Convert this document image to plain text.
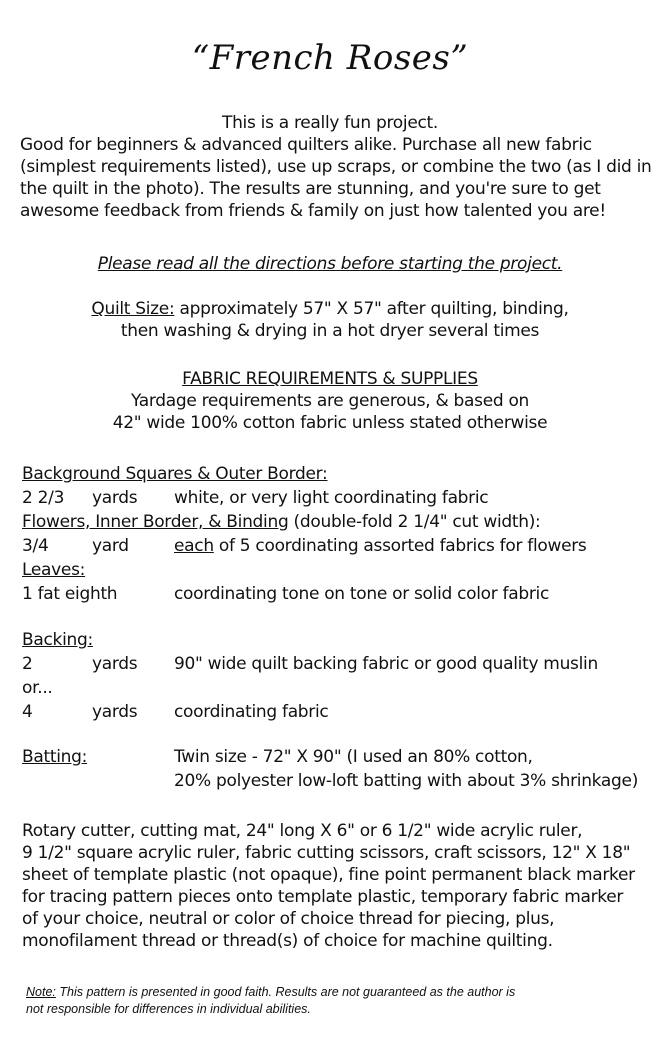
“French Roses”
This is a really fun project.
Good for beginners & advanced quilters alike. Purchase all new fabric
(simplest requirements listed), use up scraps, or combine the two (as I did in
the quilt in the photo). The results are stunning, and you're sure to get
awesome feedback from friends & family on just how talented you are!
Please read all the directions before starting the project.
Quilt Size: approximately 57" X 57" after quilting, binding,
then washing & drying in a hot dryer several times
FABRIC REQUIREMENTS & SUPPLIES
Yardage requirements are generous, & based on
42" wide 100% cotton fabric unless stated otherwise
Background Squares & Outer Border:
2 2/3 yards white, or very light coordinating fabric
Flowers, Inner Border, & Binding (double-fold 2 1/4" cut width):
3/4	yard	each of 5 coordinating assorted fabrics for flowers
Leaves:
1 fat eighth	coordinating tone on tone or solid color fabric
Backing:
2	yards 90" wide quilt backing fabric or good quality muslin
or...
4	yards coordinating fabric
Batting:	Twin size - 72" X 90" (I used an 80% cotton,
20% polyester low-loft batting with about 3% shrinkage)
Rotary cutter, cutting mat, 24" long X 6" or 6 1/2" wide acrylic ruler,
9 1/2" square acrylic ruler, fabric cutting scissors, craft scissors, 12" X 18"
sheet of template plastic (not opaque), fine point permanent black marker
for tracing pattern pieces onto template plastic, temporary fabric marker
of your choice, neutral or color of choice thread for piecing, plus,
monofilament thread or thread(s) of choice for machine quilting.
Note: This pattern is presented in good faith. Results are not guaranteed as the author is
not responsible for differences in individual abilities.
